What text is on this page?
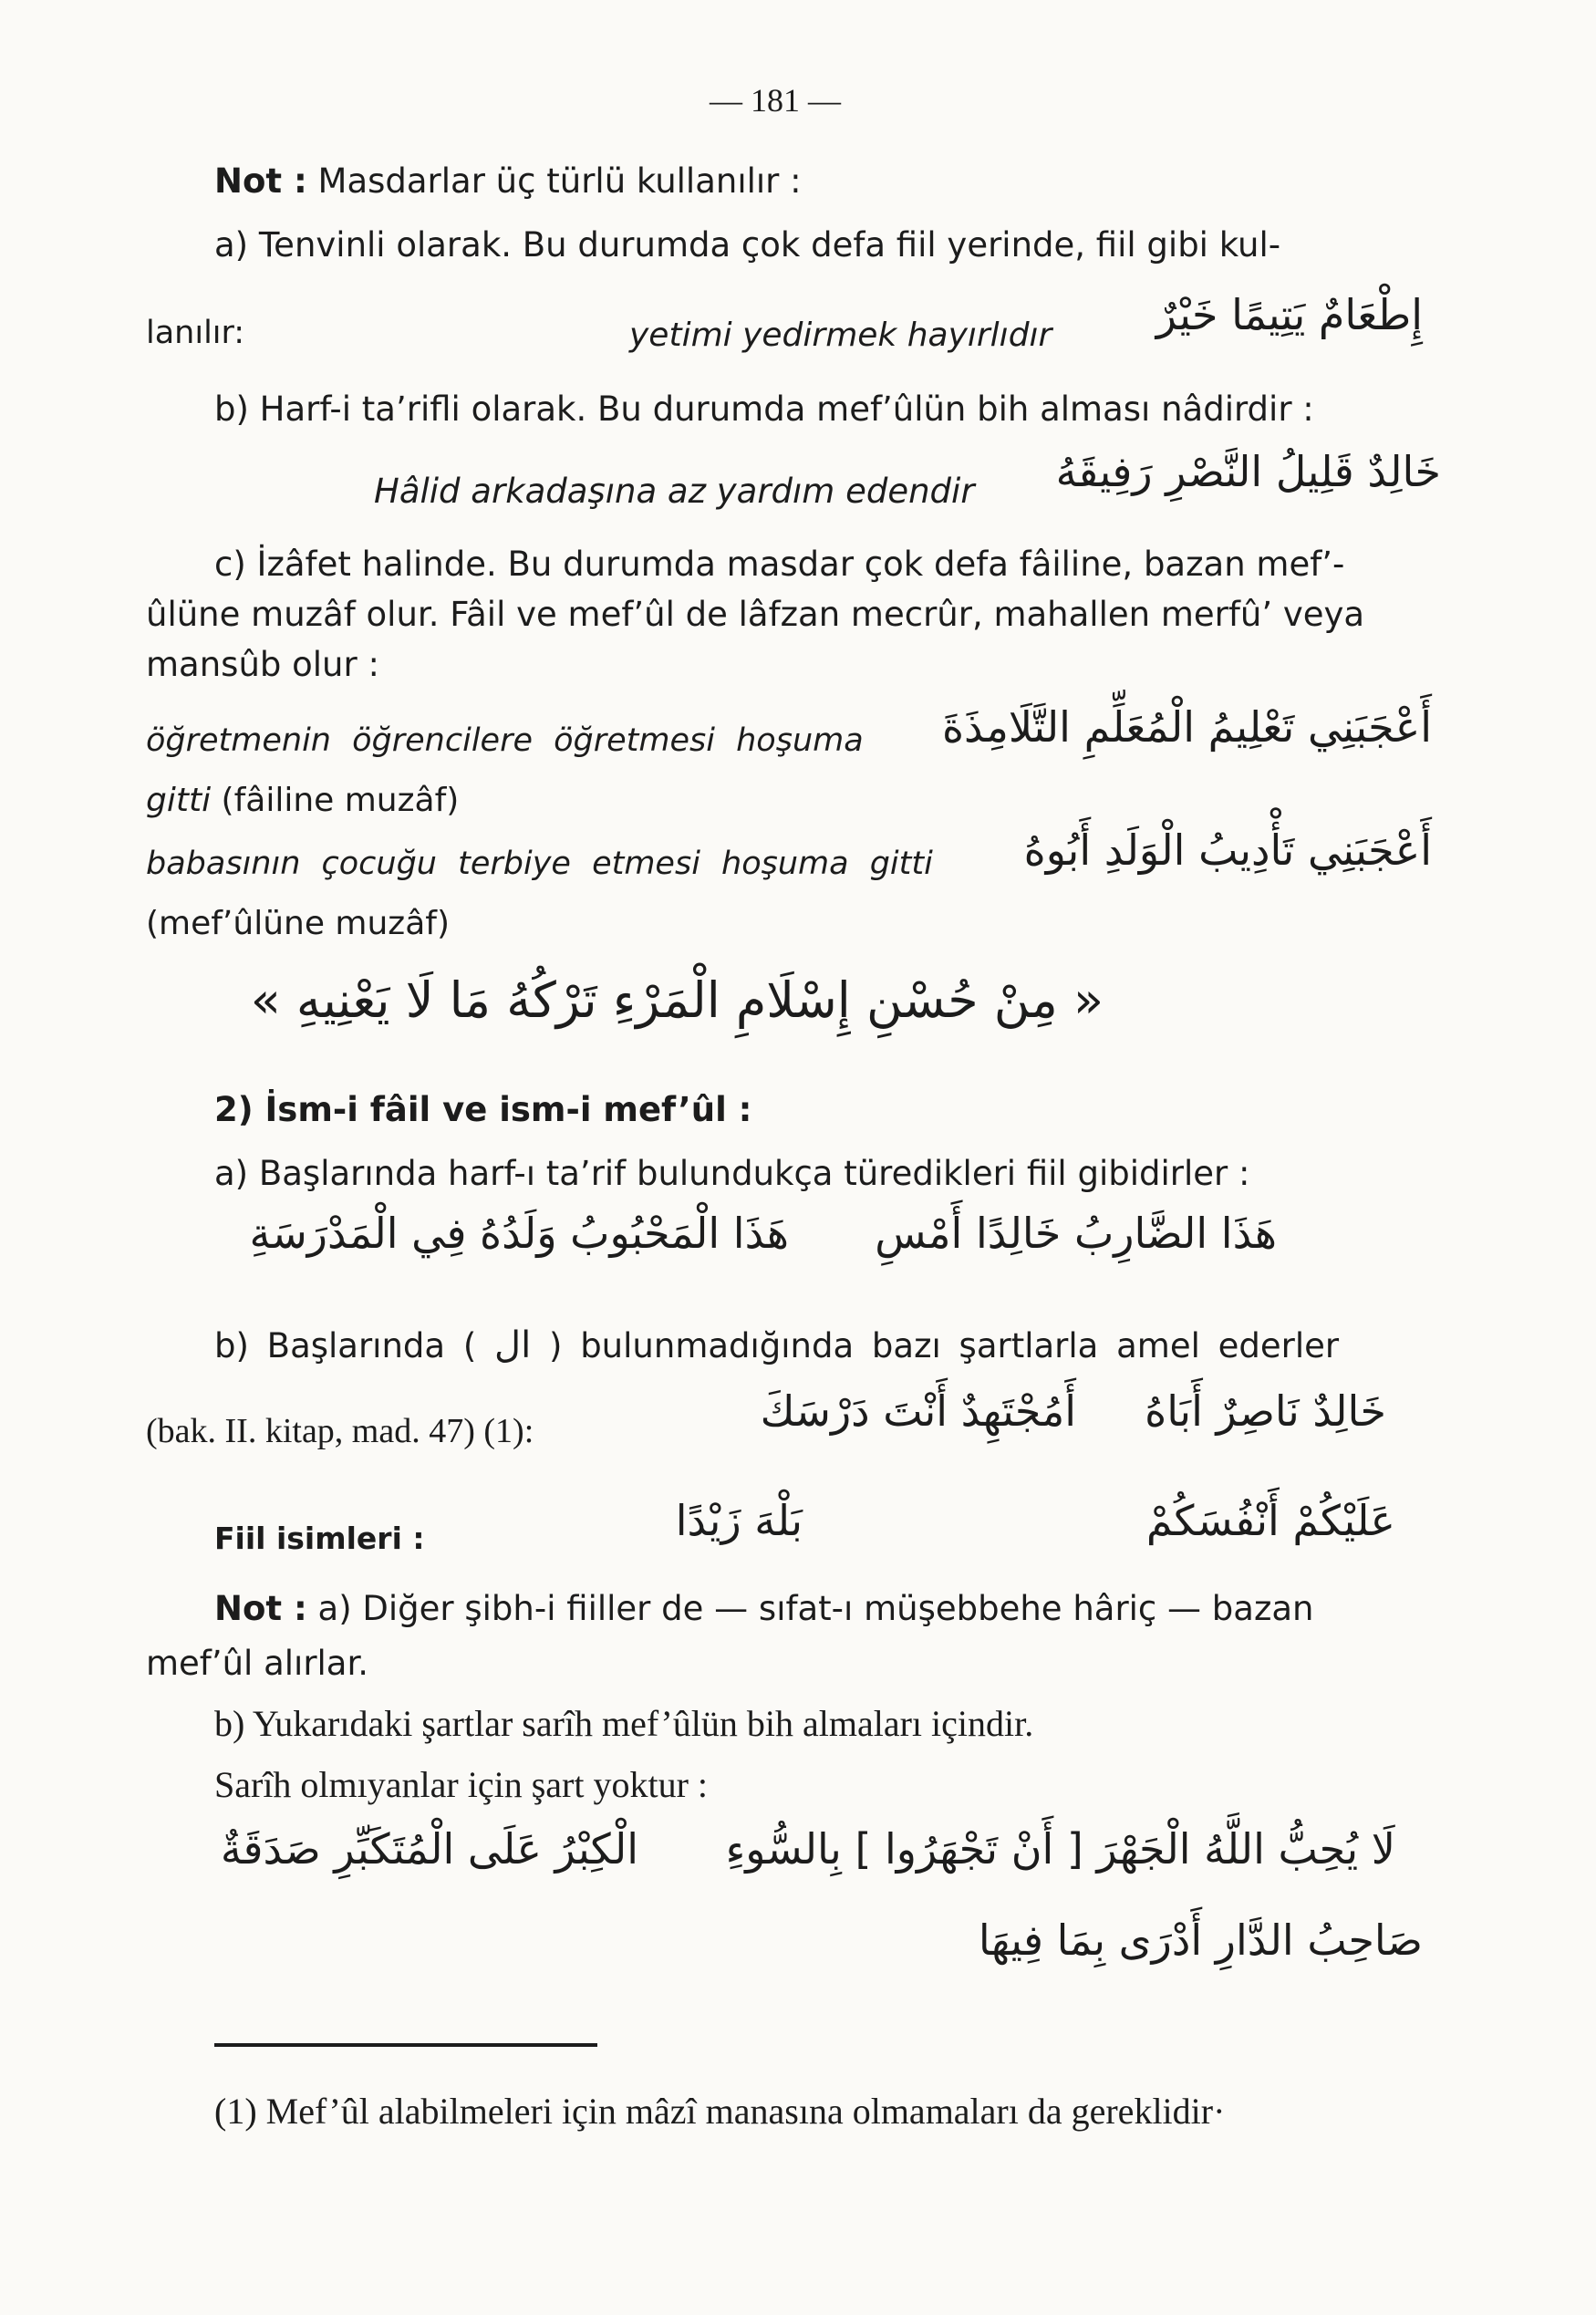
— 181 —
Not : Masdarlar üç türlü kullanılır :
a) Tenvinli olarak. Bu durumda çok defa fiil yerinde, fiil gibi kul-
lanılır:	yetimi yedirmek hayırlıdır	إِطْعَامٌ يَتِيمًا خَيْرٌ
b) Harf-i ta’rifli olarak. Bu durumda mef’ûlün bih alması nâdirdir :
Hâlid arkadaşına az yardım edendir	خَالِدٌ قَلِيلُ النَّصْرِ رَفِيقَهُ
c) İzâfet halinde. Bu durumda masdar çok defa fâiline, bazan mef’-
ûlüne muzâf olur. Fâil ve mef’ûl de lâfzan mecrûr, mahallen merfû’ veya
mansûb olur :
öğretmenin öğrencilere öğretmesi hoşuma أَعْجَبَنِي تَعْلِيمُ الْمُعَلِّمِ التَّلَامِذَةَ
gitti (fâiline muzâf)
babasının çocuğu terbiye etmesi hoşuma gitti أَعْجَبَنِي تَأْدِيبُ الْوَلَدِ أَبُوهُ
(mef’ûlüne muzâf)
« مِنْ حُسْنِ إِسْلَامِ الْمَرْءِ تَرْكُهُ مَا لَا يَعْنِيهِ »
2) İsm-i fâil ve ism-i mef’ûl :
a) Başlarında harf-ı ta’rif bulundukça türedikleri fiil gibidirler :
هَذَا الضَّارِبُ خَالِدًا أَمْسِ
هَذَا الْمَحْبُوبُ وَلَدُهُ فِي الْمَدْرَسَةِ
b) Başlarında ( ال ) bulunmadığında bazı şartlarla amel ederler
(bak. II. kitap, mad. 47) (1):	خَالِدٌ نَاصِرٌ أَبَاهُ
أَمُجْتَهِدٌ أَنْتَ دَرْسَكَ
Fiil isimleri :	بَلْهَ زَيْدًا	عَلَيْكُمْ أَنْفُسَكُمْ
Not : a) Diğer şibh-i fiiller de — sıfat-ı müşebbehe hâriç — bazan
mef’ûl alırlar.
b) Yukarıdaki şartlar sarîh mef’ûlün bih almaları içindir.
Sarîh olmıyanlar için şart yoktur :
لَا يُحِبُّ اللَّهُ الْجَهْرَ [ أَنْ تَجْهَرُوا ] بِالسُّوءِ
الْكِبْرُ عَلَى الْمُتَكَبِّرِ صَدَقَةٌ
صَاحِبُ الدَّارِ أَدْرَى بِمَا فِيهَا
(1) Mef’ûl alabilmeleri için mâzî manasına olmamaları da gereklidir·
